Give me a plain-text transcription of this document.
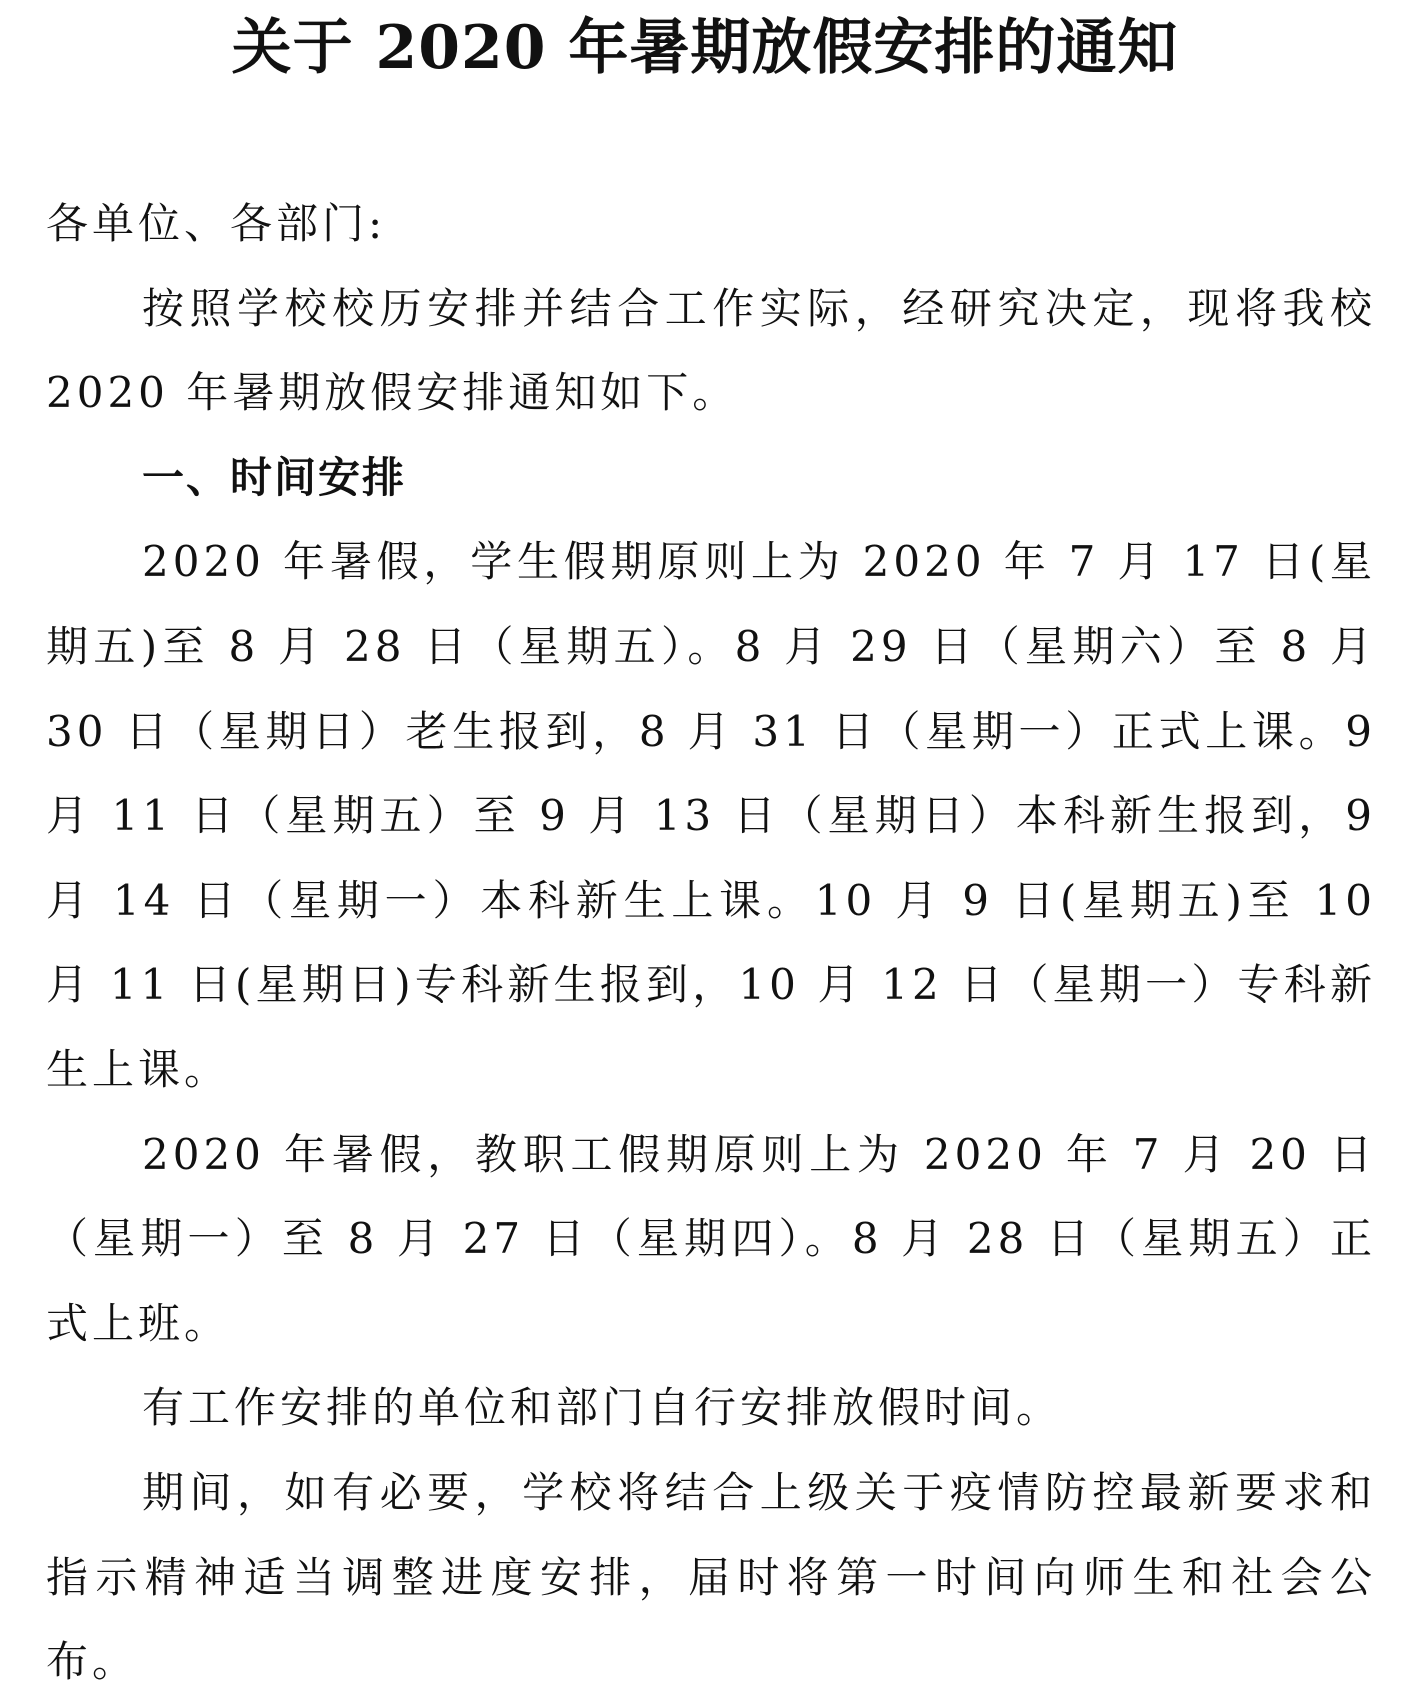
关于 2020 年暑期放假安排的通知

各单位、各部门:

按照学校校历安排并结合工作实际，经研究决定，现将我校 2020 年暑期放假安排通知如下。

一、时间安排

2020 年暑假，学生假期原则上为 2020 年 7 月 17 日(星期五)至 8 月 28 日（星期五）。8 月 29 日（星期六）至 8 月 30 日（星期日）老生报到，8 月 31 日（星期一）正式上课。9 月 11 日（星期五）至 9 月 13 日（星期日）本科新生报到，9 月 14 日（星期一）本科新生上课。10 月 9 日(星期五)至 10 月 11 日(星期日)专科新生报到，10 月 12 日（星期一）专科新生上课。

2020 年暑假，教职工假期原则上为 2020 年 7 月 20 日（星期一）至 8 月 27 日（星期四）。8 月 28 日（星期五）正式上班。

有工作安排的单位和部门自行安排放假时间。

期间，如有必要，学校将结合上级关于疫情防控最新要求和指示精神适当调整进度安排，届时将第一时间向师生和社会公布。
